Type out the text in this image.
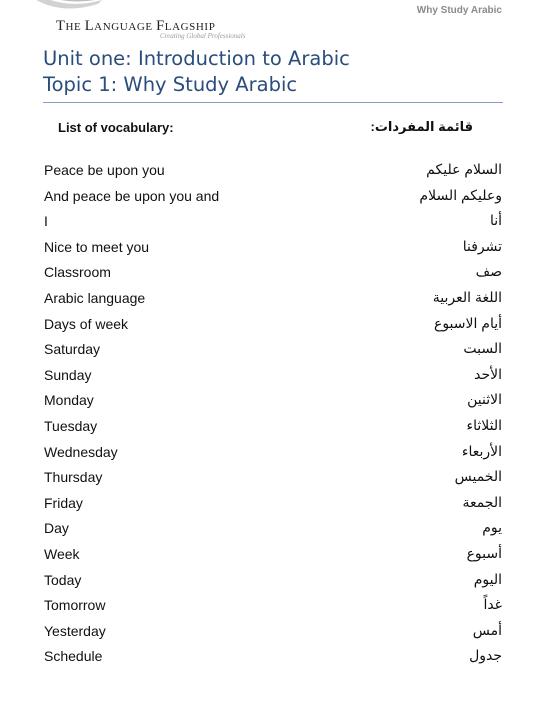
THE LANGUAGE FLAGSHIP
Creating Global Professionals
Why Study Arabic
Unit one: Introduction to Arabic
Topic 1: Why Study Arabic
List of vocabulary:	قائمة المفردات:
Peace be upon you	السلام عليكم
And peace be upon you and	وعليكم السلام
I	أنا
Nice to meet you	تشرفنا
Classroom	صف
Arabic language	اللغة العربية
Days of week	أيام الاسبوع
Saturday	السبت
Sunday	الأحد
Monday	الاثنين
Tuesday	الثلاثاء
Wednesday	الأربعاء
Thursday	الخميس
Friday	الجمعة
Day	يوم
Week	أسبوع
Today	اليوم
Tomorrow	غداً
Yesterday	أمس
Schedule	جدول
